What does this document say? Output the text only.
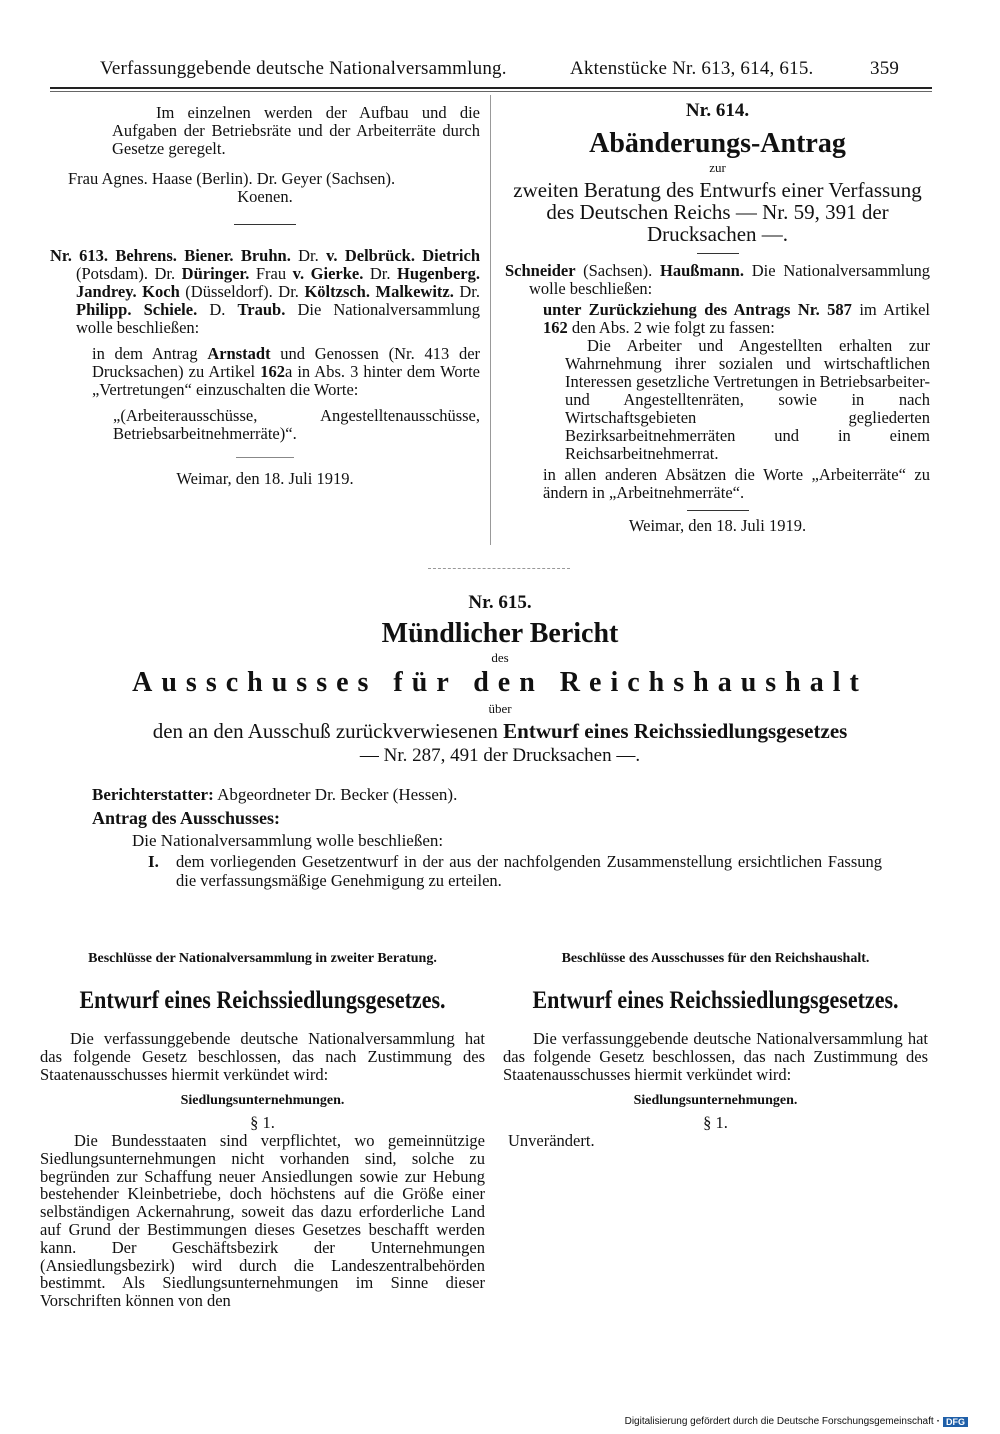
Verfassunggebende deutsche Nationalversammlung.	Aktenstücke Nr. 613, 614, 615.	359
Im einzelnen werden der Aufbau und die Aufgaben der Betriebsräte und der Arbeiterräte durch Gesetze geregelt.
Frau Agnes. Haase (Berlin). Dr. Geyer (Sachsen).
Koenen.
Nr. 613. Behrens. Biener. Bruhn. Dr. v. Delbrück. Dietrich (Potsdam). Dr. Düringer. Frau v. Gierke. Dr. Hugenberg. Jandrey. Koch (Düsseldorf). Dr. Költzsch. Malkewitz. Dr. Philipp. Schiele. D. Traub. Die Nationalversammlung wolle beschließen:
in dem Antrag Arnstadt und Genossen (Nr. 413 der Drucksachen) zu Artikel 162a in Abs. 3 hinter dem Worte „Vertretungen“ einzuschalten die Worte:
„(Arbeiterausschüsse, Angestelltenausschüsse, Betriebsarbeitnehmerräte)“.
Weimar, den 18. Juli 1919.
Nr. 614.
Abänderungs-Antrag
zur
zweiten Beratung des Entwurfs einer Verfassung des Deutschen Reichs — Nr. 59, 391 der Drucksachen —.
Schneider (Sachsen). Haußmann. Die Nationalversammlung wolle beschließen:
unter Zurückziehung des Antrags Nr. 587 im Artikel 162 den Abs. 2 wie folgt zu fassen:
Die Arbeiter und Angestellten erhalten zur Wahrnehmung ihrer sozialen und wirtschaftlichen Interessen gesetzliche Vertretungen in Betriebsarbeiter- und Angestelltenräten, sowie in nach Wirtschaftsgebieten gegliederten Bezirksarbeitnehmerräten und in einem Reichsarbeitnehmerrat.
in allen anderen Absätzen die Worte „Arbeiterräte“ zu ändern in „Arbeitnehmerräte“.
Weimar, den 18. Juli 1919.
Nr. 615.
Mündlicher Bericht
des
Ausschusses für den Reichshaushalt
über
den an den Ausschuß zurückverwiesenen Entwurf eines Reichssiedlungsgesetzes
— Nr. 287, 491 der Drucksachen —.
Berichterstatter: Abgeordneter Dr. Becker (Hessen).
Antrag des Ausschusses:
Die Nationalversammlung wolle beschließen:
I.	dem vorliegenden Gesetzentwurf in der aus der nachfolgenden Zusammenstellung ersichtlichen Fassung die verfassungsmäßige Genehmigung zu erteilen.
Beschlüsse der Nationalversammlung in zweiter Beratung.
Entwurf eines Reichssiedlungsgesetzes.
Die verfassunggebende deutsche Nationalversammlung hat das folgende Gesetz beschlossen, das nach Zustimmung des Staatenausschusses hiermit verkündet wird:
Siedlungsunternehmungen.
§ 1.
Die Bundesstaaten sind verpflichtet, wo gemeinnützige Siedlungsunternehmungen nicht vorhanden sind, solche zu begründen zur Schaffung neuer Ansiedlungen sowie zur Hebung bestehender Kleinbetriebe, doch höchstens auf die Größe einer selbständigen Ackernahrung, soweit das dazu erforderliche Land auf Grund der Bestimmungen dieses Gesetzes beschafft werden kann. Der Geschäftsbezirk der Unternehmungen (Ansiedlungsbezirk) wird durch die Landeszentralbehörden bestimmt. Als Siedlungsunternehmungen im Sinne dieser Vorschriften können von den
Beschlüsse des Ausschusses für den Reichshaushalt.
Entwurf eines Reichssiedlungsgesetzes.
Die verfassunggebende deutsche Nationalversammlung hat das folgende Gesetz beschlossen, das nach Zustimmung des Staatenausschusses hiermit verkündet wird:
Siedlungsunternehmungen.
§ 1.
Unverändert.
Digitalisierung gefördert durch die Deutsche Forschungsgemeinschaft · DFG
